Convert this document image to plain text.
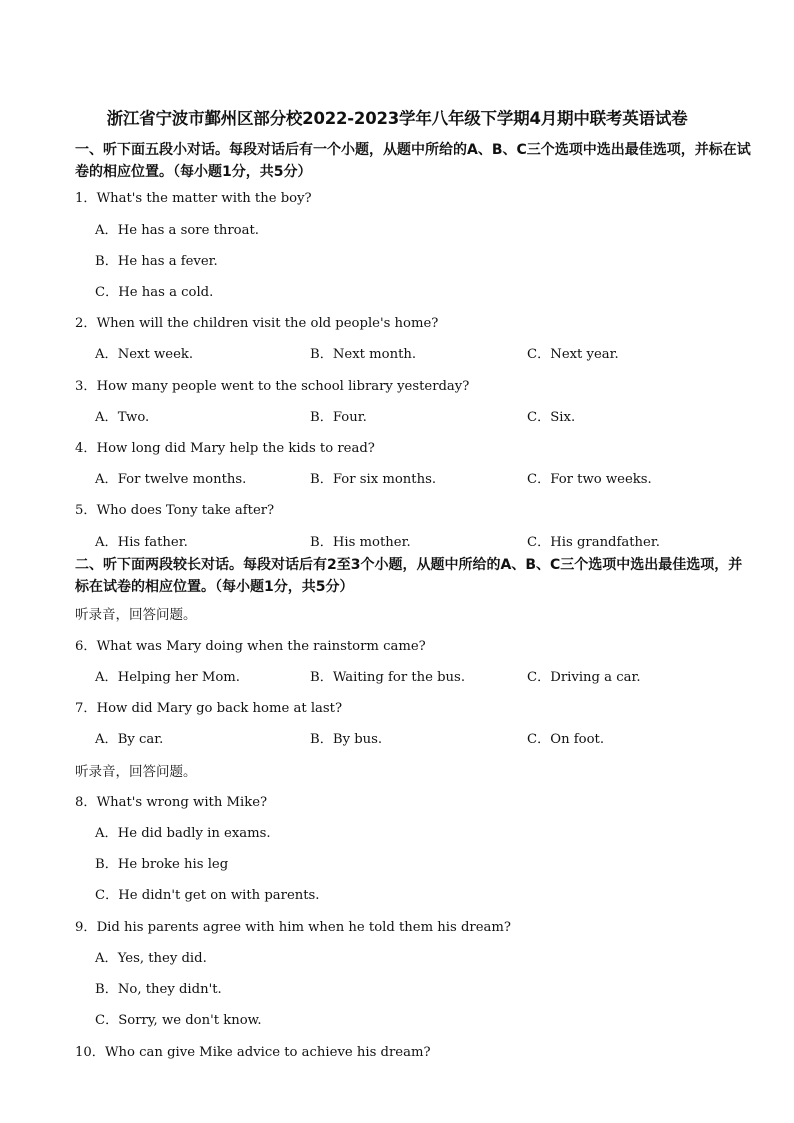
浙江省宁波市鄞州区部分校2022-2023学年八年级下学期4月期中联考英语试卷
一、听下面五段小对话。每段对话后有一个小题，从题中所给的A、B、C三个选项中选出最佳选项，并标在试卷的相应位置。（每小题1分，共5分）
1．What's the matter with the boy?
A．He has a sore throat.
B．He has a fever.
C．He has a cold.
2．When will the children visit the old people's home?
A．Next week.	B．Next month.	C．Next year.
3．How many people went to the school library yesterday?
A．Two.	B．Four.	C．Six.
4．How long did Mary help the kids to read?
A．For twelve months.	B．For six months.	C．For two weeks.
5．Who does Tony take after?
A．His father.	B．His mother.	C．His grandfather.
二、听下面两段较长对话。每段对话后有2至3个小题，从题中所给的A、B、C三个选项中选出最佳选项，并标在试卷的相应位置。（每小题1分，共5分）
听录音，回答问题。
6．What was Mary doing when the rainstorm came?
A．Helping her Mom.	B．Waiting for the bus.	C．Driving a car.
7．How did Mary go back home at last?
A．By car.	B．By bus.	C．On foot.
听录音，回答问题。
8．What's wrong with Mike?
A．He did badly in exams.
B．He broke his leg
C．He didn't get on with parents.
9．Did his parents agree with him when he told them his dream?
A．Yes, they did.
B．No, they didn't.
C．Sorry, we don't know.
10．Who can give Mike advice to achieve his dream?
